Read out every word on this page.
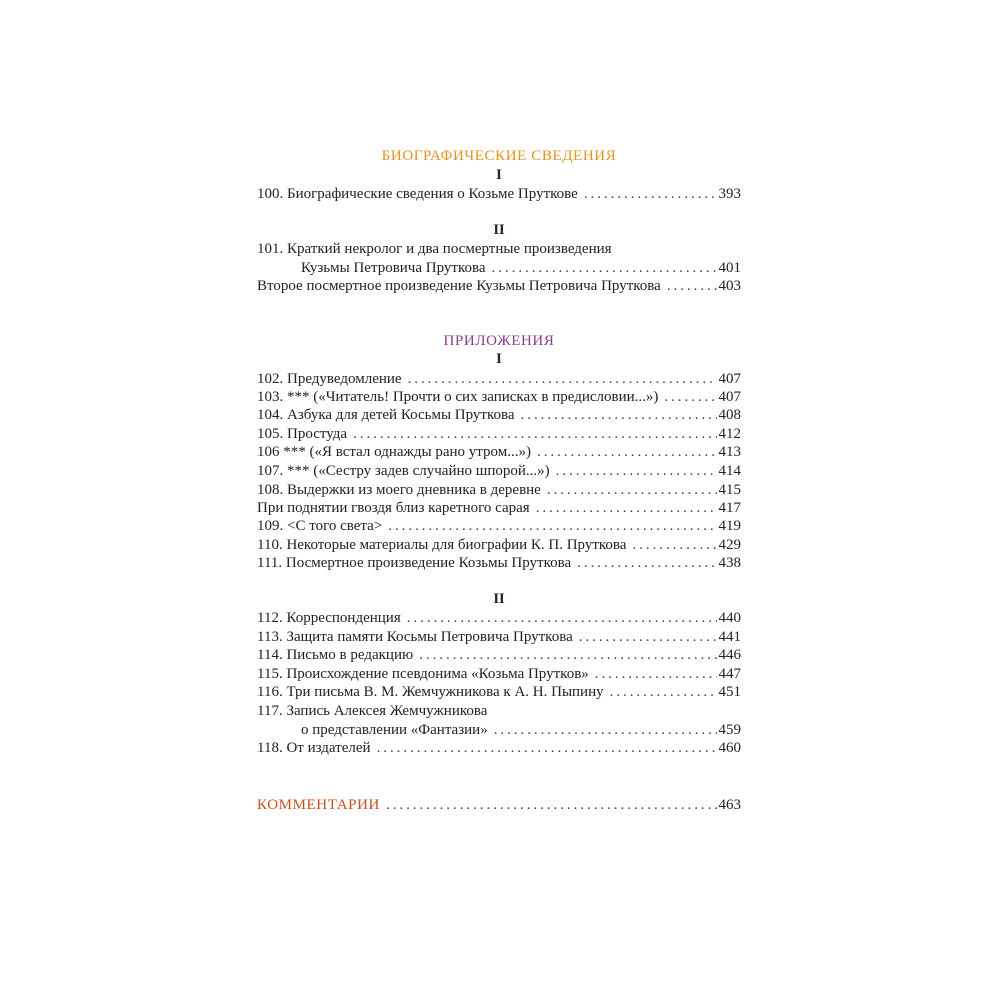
БИОГРАФИЧЕСКИЕ СВЕДЕНИЯ
I
100. Биографические сведения о Козьме Пруткове . . .	393
II
101. Краткий некролог и два посмертные произведения
Кузьмы Петровича Пруткова . . .	401
Второе посмертное произведение Кузьмы Петровича Пруткова . . .	403
ПРИЛОЖЕНИЯ
I
102. Предуведомление . . .	407
103. *** («Читатель! Прочти о сих записках в предисловии...») . . .	407
104. Азбука для детей Косьмы Пруткова . . .	408
105. Простуда . . .	412
106 *** («Я встал однажды рано утром...») . . .	413
107. *** («Сестру задев случайно шпорой...») . . .	414
108. Выдержки из моего дневника в деревне . . .	415
При поднятии гвоздя близ каретного сарая . . .	417
109. <С того света> . . .	419
110. Некоторые материалы для биографии К. П. Пруткова . . .	429
111. Посмертное произведение Козьмы Пруткова . . .	438
II
112. Корреспонденция . . .	440
113. Защита памяти Косьмы Петровича Пруткова . . .	441
114. Письмо в редакцию . . .	446
115. Происхождение псевдонима «Козьма Прутков» . . .	447
116. Три письма В. М. Жемчужникова к А. Н. Пыпину . . .	451
117. Запись Алексея Жемчужникова
о представлении «Фантазии» . . .	459
118. От издателей . . .	460
КОММЕНТАРИИ . . .	463
